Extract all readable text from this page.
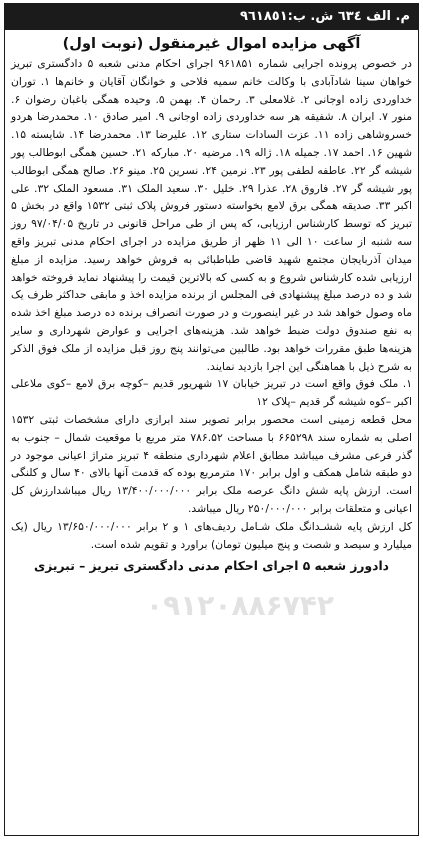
م. الف ٦٣٤ ش. ب:٩٦١٨٥١
آگهی مزایده اموال غیرمنقول (نوبت اول)

در خصوص پرونده اجرایی شماره ۹۶۱۸۵۱ اجرای احکام مدنی شعبه ۵ دادگستری تبریز خواهان سینا شادآبادی با وکالت خانم سمیه فلاحی و خوانگان آقایان و خانم‌ها ۱. توران خداوردی زاده اوجانی ۲. غلامعلی ۳. رحمان ۴. بهمن ۵. وحیده همگی باغبان رضوان ۶. منور ۷. ایران ۸. شفیقه هر سه خداوردی زاده اوجانی ۹. امیر صادق ۱۰. محمدرضا هردو خسروشاهی زاده ۱۱. عزت السادات ستاری ۱۲. علیرضا ۱۳. محمدرضا ۱۴. شایسته ۱۵. شهین ۱۶. احمد ۱۷. جمیله ۱۸. ژاله ۱۹. مرضیه ۲۰. مبارکه ۲۱. حسین همگی ابوطالب پور شیشه گر ۲۲. عاطفه لطفی پور ۲۳. نرمین ۲۴. نسرین ۲۵. مینو ۲۶. صالح همگی ابوطالب پور شیشه گر ۲۷. فاروق ۲۸. عذرا ۲۹. خلیل ۳۰. سعید الملک ۳۱. مسعود الملک ۳۲. علی اکبر ۳۳. صدیقه همگی برق لامع بخواسته دستور فروش پلاک ثبتی ۱۵۳۲ واقع در بخش ۵ تبریز که توسط کارشناس ارزیابی، که پس از طی مراحل قانونی در تاریخ ۹۷/۰۴/۰۵ روز سه شنبه از ساعت ۱۰ الی ۱۱ ظهر از طریق مزایده در اجرای احکام مدنی تبریز واقع میدان آذربایجان مجتمع شهید قاضی طباطبائی به فروش خواهد رسید. مزایده از مبلغ ارزیابی شده کارشناس شروع و به کسی که بالاترین قیمت را پیشنهاد نماید فروخته خواهد شد و ده درصد مبلغ پیشنهادی فی المجلس از برنده مزایده اخذ و مابقی حداکثر ظرف یک ماه وصول خواهد شد در غیر اینصورت و در صورت انصراف برنده ده درصد مبلغ اخذ شده به نفع صندوق دولت ضبط خواهد شد. هزینه‌های اجرایی و عوارض شهرداری و سایر هزینه‌ها طبق مقررات خواهد بود. طالبین می‌توانند پنج روز قبل مزایده از ملک فوق الذکر به شرح ذیل با هماهنگی این اجرا بازدید نمایند.

۱. ملک فوق واقع است در تبریز خیابان ۱۷ شهریور قدیم –کوچه برق لامع –کوی ملاعلی اکبر –کوه شیشه گر قدیم –پلاک ۱۲

محل قطعه زمینی است محصور برابر تصویر سند ابرازی دارای مشخصات ثبتی ۱۵۳۲ اصلی به شماره سند ۶۶۵۲۹۸ با مساحت ۷۸۶.۵۲ متر مربع با موقعیت شمال – جنوب به گذر فرعی مشرف میباشد مطابق اعلام شهرداری منطقه ۴ تبریز متراژ اعیانی موجود در دو طبقه شامل همکف و اول برابر ۱۷۰ مترمربع بوده که قدمت آنها بالای ۴۰ سال و کلنگی است. ارزش پایه شش دانگ عرصه ملک برابر ۱۳/۴۰۰/۰۰۰/۰۰۰ ریال میباشدارزش کل اعیانی و متعلقات برابر ۲۵۰/۰۰۰/۰۰۰ ریال میباشد.

کل ارزش پایه ششـدانگ ملک شـامل ردیف‌های ۱ و ۲ برابر ۱۳/۶۵۰/۰۰۰/۰۰۰ ریال (یک میلیارد و سیصد و شصت و پنج میلیون تومان) براورد و تقویم شده است.

دادورز شعبه ۵ اجرای احکام مدنی دادگستری تبریز – تبریزی
۰۹۱۲۰۸۸۶۷۴۲
